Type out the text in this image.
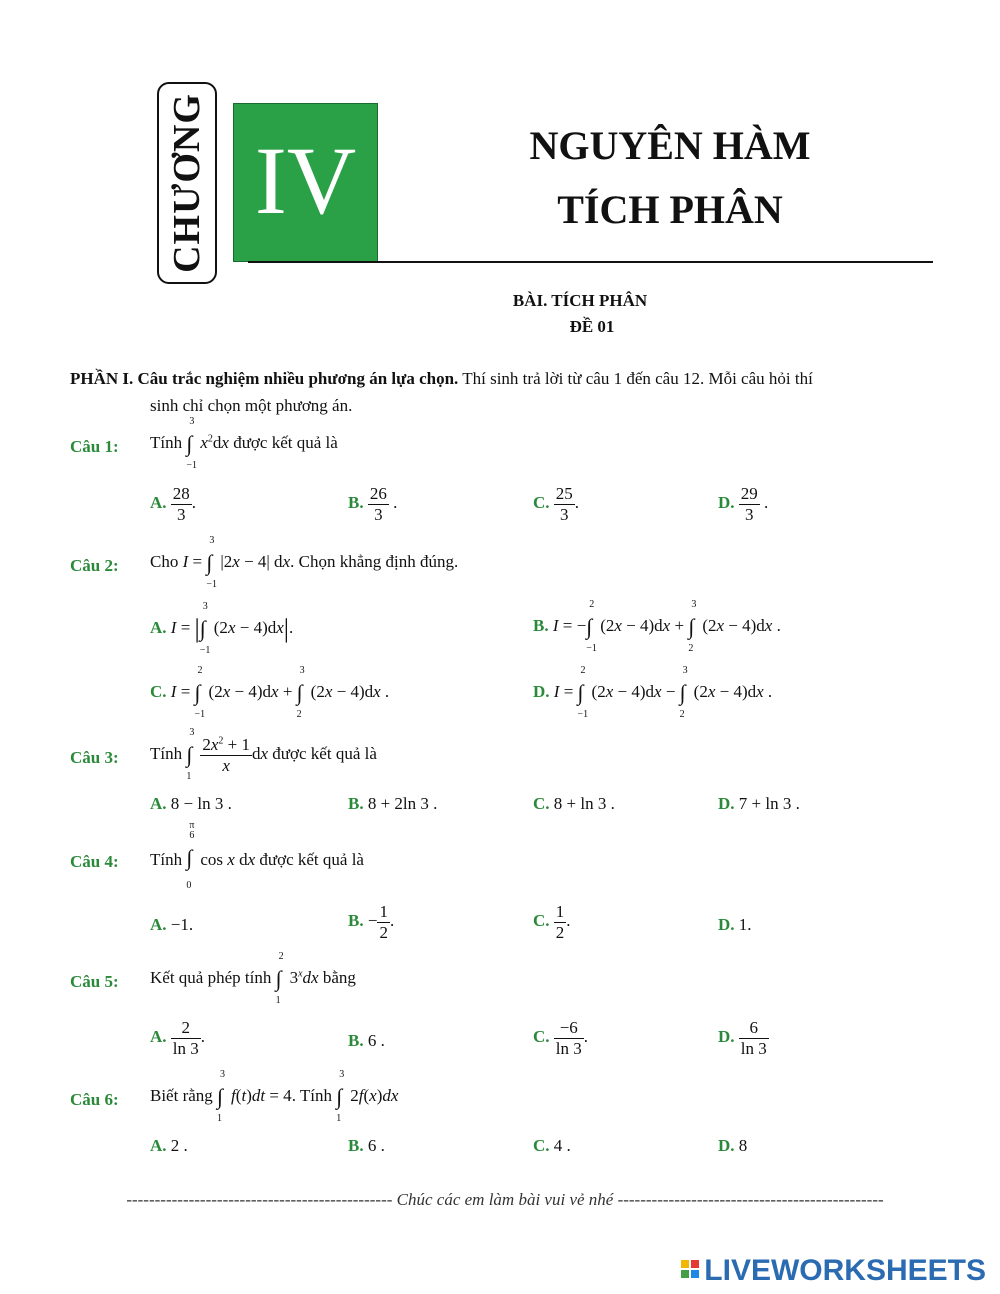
CHƯƠNG IV	NGUYÊN HÀM
TÍCH PHÂN
BÀI. TÍCH PHÂN
ĐỀ 01
PHẦN I. Câu trắc nghiệm nhiều phương án lựa chọn. Thí sinh trả lời từ câu 1 đến câu 12. Mỗi câu hỏi thí
sinh chỉ chọn một phương án.
Câu 1: Tính ∫
3
−1
$x^2dx$ được kết quả là
A. $\frac{28}{3}$ .	B. $\frac{26}{3}$ .	C. $\frac{25}{3}$ .	D. $\frac{29}{3}$ .
Câu 2: Cho I = ∫
3
−1
|2x − 4| dx. Chọn khẳng định đúng.
A. I = |∫
3
−1
(2x − 4)dx|.	B. I = −∫
2
−1
(2x − 4)dx + ∫
3
2
(2x − 4)dx .
C. I = ∫
2
−1
(2x − 4)dx + ∫
3
2
(2x − 4)dx .	D. I = ∫
2
−1
(2x − 4)dx − ∫
3
2
(2x − 4)dx .
Câu 3: Tính ∫
3
1
$\frac{2x^2 + 1}{x}$ dx được kết quả là
A. 8 − ln 3 .	B. 8 + 2ln 3 .	C. 8 + ln 3 .	D. 7 + ln 3 .
Câu 4: Tính ∫
π
6
0
cos x dx được kết quả là
A. −1.	B. − $\frac{1}{2}$ .	C. $\frac{1}{2}$ .	D. 1.
Câu 5: Kết quả phép tính ∫
2
1
3$^x$dx bằng
A. $\frac{2}{\ln 3}$ .	B. 6 .	C. $\frac{-6}{\ln 3}$ .	D. $\frac{6}{\ln 3}$
Câu 6: Biết rằng ∫
3
1
f(t)dt = 4. Tính ∫
3
1
2f(x)dx
A. 2 .	B. 6 .	C. 4 .	D. 8
----------------------------------------------- Chúc các em làm bài vui vẻ nhé -----------------------------------------------
LIVEWORKSHEETS
